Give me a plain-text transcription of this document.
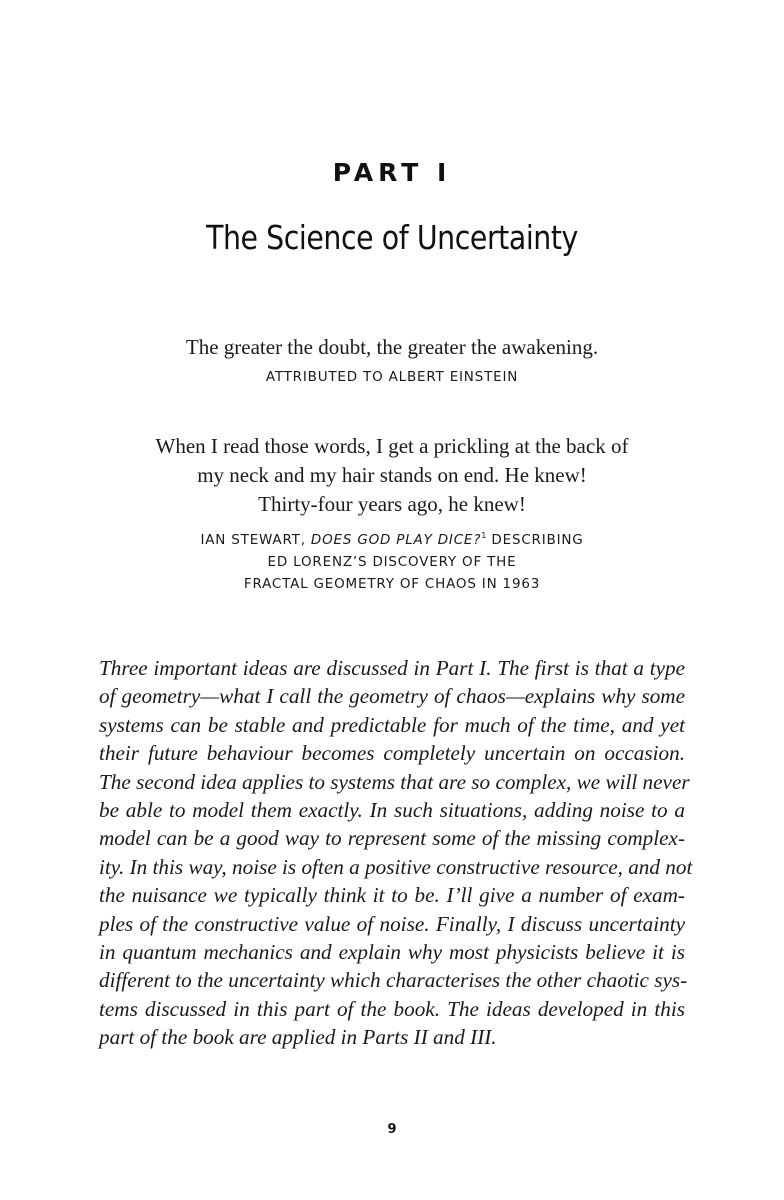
PART I
The Science of Uncertainty
The greater the doubt, the greater the awakening.
ATTRIBUTED TO ALBERT EINSTEIN
When I read those words, I get a prickling at the back of
my neck and my hair stands on end. He knew!
Thirty-four years ago, he knew!
IAN STEWART, DOES GOD PLAY DICE?$^1$ DESCRIBING
ED LORENZ’S DISCOVERY OF THE
FRACTAL GEOMETRY OF CHAOS IN 1963
Three important ideas are discussed in Part I. The first is that a type
of geometry—what I call the geometry of chaos—explains why some
systems can be stable and predictable for much of the time, and yet
their future behaviour becomes completely uncertain on occasion.
The second idea applies to systems that are so complex, we will never
be able to model them exactly. In such situations, adding noise to a
model can be a good way to represent some of the missing complex-
ity. In this way, noise is often a positive constructive resource, and not
the nuisance we typically think it to be. I’ll give a number of exam-
ples of the constructive value of noise. Finally, I discuss uncertainty
in quantum mechanics and explain why most physicists believe it is
different to the uncertainty which characterises the other chaotic sys-
tems discussed in this part of the book. The ideas developed in this
part of the book are applied in Parts II and III.
9
